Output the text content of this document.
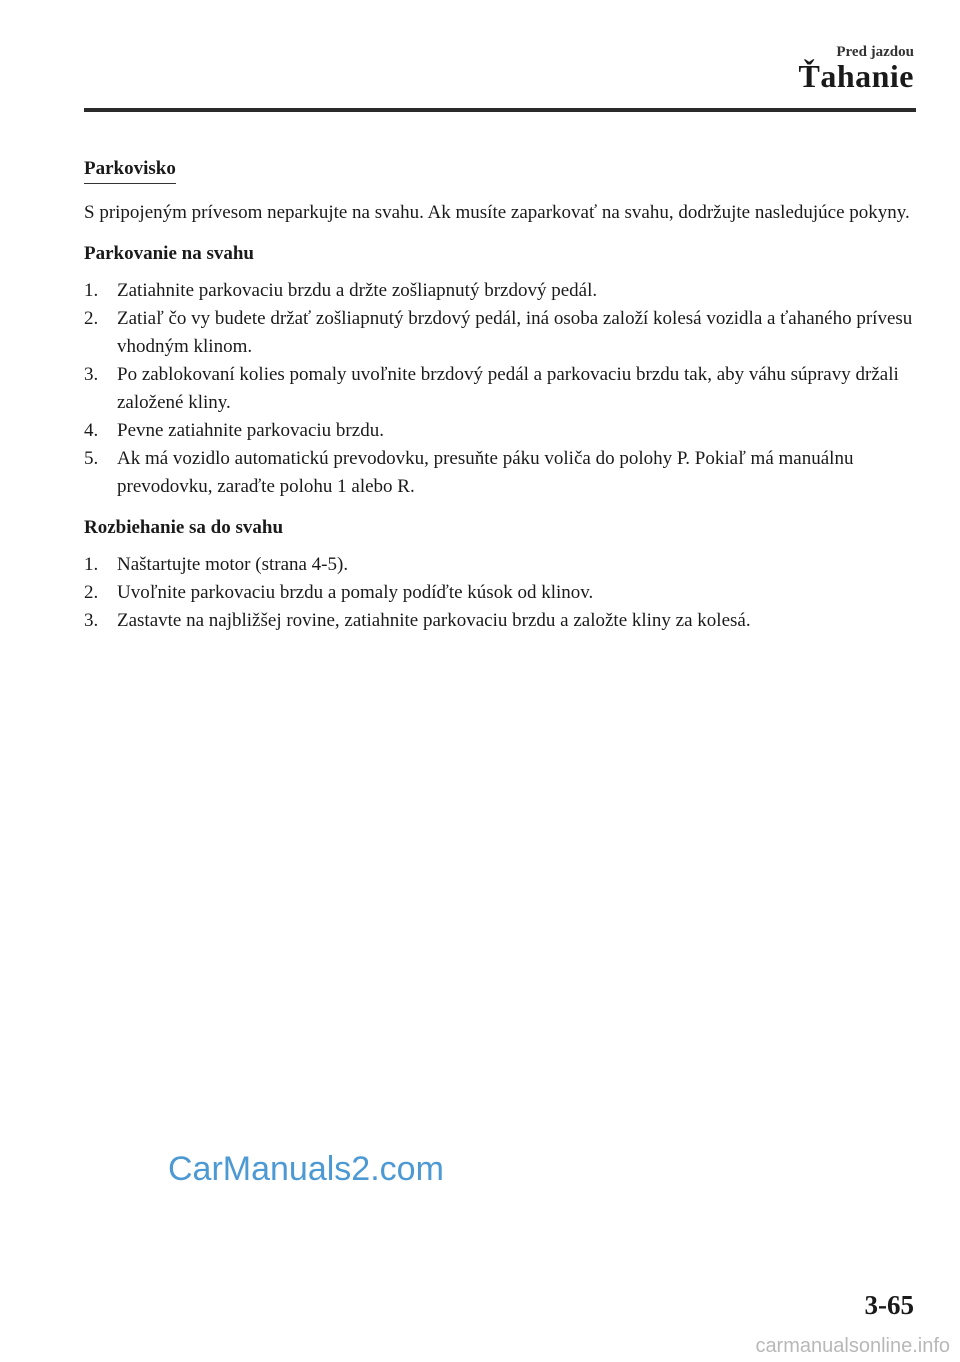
Pred jazdou
Ťahanie
Parkovisko

S pripojeným prívesom neparkujte na svahu. Ak musíte zaparkovať na svahu, dodržujte nasledujúce pokyny.

Parkovanie na svahu
1. Zatiahnite parkovaciu brzdu a držte zošliapnutý brzdový pedál.
2. Zatiaľ čo vy budete držať zošliapnutý brzdový pedál, iná osoba založí kolesá vozidla a ťahaného prívesu vhodným klinom.
3. Po zablokovaní kolies pomaly uvoľnite brzdový pedál a parkovaciu brzdu tak, aby váhu súpravy držali založené kliny.
4. Pevne zatiahnite parkovaciu brzdu.
5. Ak má vozidlo automatickú prevodovku, presuňte páku voliča do polohy P. Pokiaľ má manuálnu prevodovku, zaraďte polohu 1 alebo R.
Rozbiehanie sa do svahu
1. Naštartujte motor (strana 4-5).
2. Uvoľnite parkovaciu brzdu a pomaly podíďte kúsok od klinov.
3. Zastavte na najbližšej rovine, zatiahnite parkovaciu brzdu a založte kliny za kolesá.
CarManuals2.com
3-65
carmanualsonline.info
